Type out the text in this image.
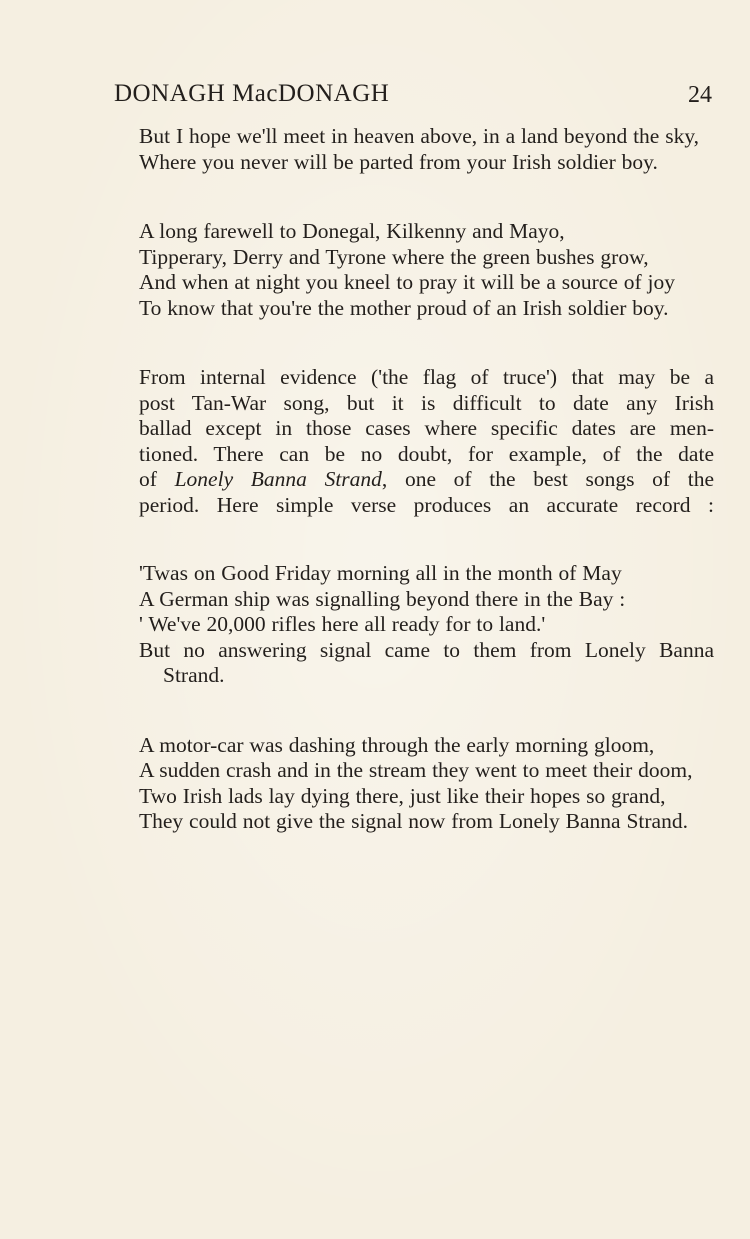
DONAGH MacDONAGH	24
But I hope we'll meet in heaven above, in a land beyond the sky,
Where you never will be parted from your Irish soldier boy.
A long farewell to Donegal, Kilkenny and Mayo,
Tipperary, Derry and Tyrone where the green bushes grow,
And when at night you kneel to pray it will be a source of joy
To know that you're the mother proud of an Irish soldier boy.
From internal evidence ('the flag of truce') that may be a
post Tan-War song, but it is difficult to date any Irish
ballad except in those cases where specific dates are men-
tioned. There can be no doubt, for example, of the date
of Lonely Banna Strand, one of the best songs of the
period. Here simple verse produces an accurate record :
'Twas on Good Friday morning all in the month of May
A German ship was signalling beyond there in the Bay :
' We've 20,000 rifles here all ready for to land.'
But no answering signal came to them from Lonely Banna Strand.
A motor-car was dashing through the early morning gloom,
A sudden crash and in the stream they went to meet their doom,
Two Irish lads lay dying there, just like their hopes so grand,
They could not give the signal now from Lonely Banna Strand.
